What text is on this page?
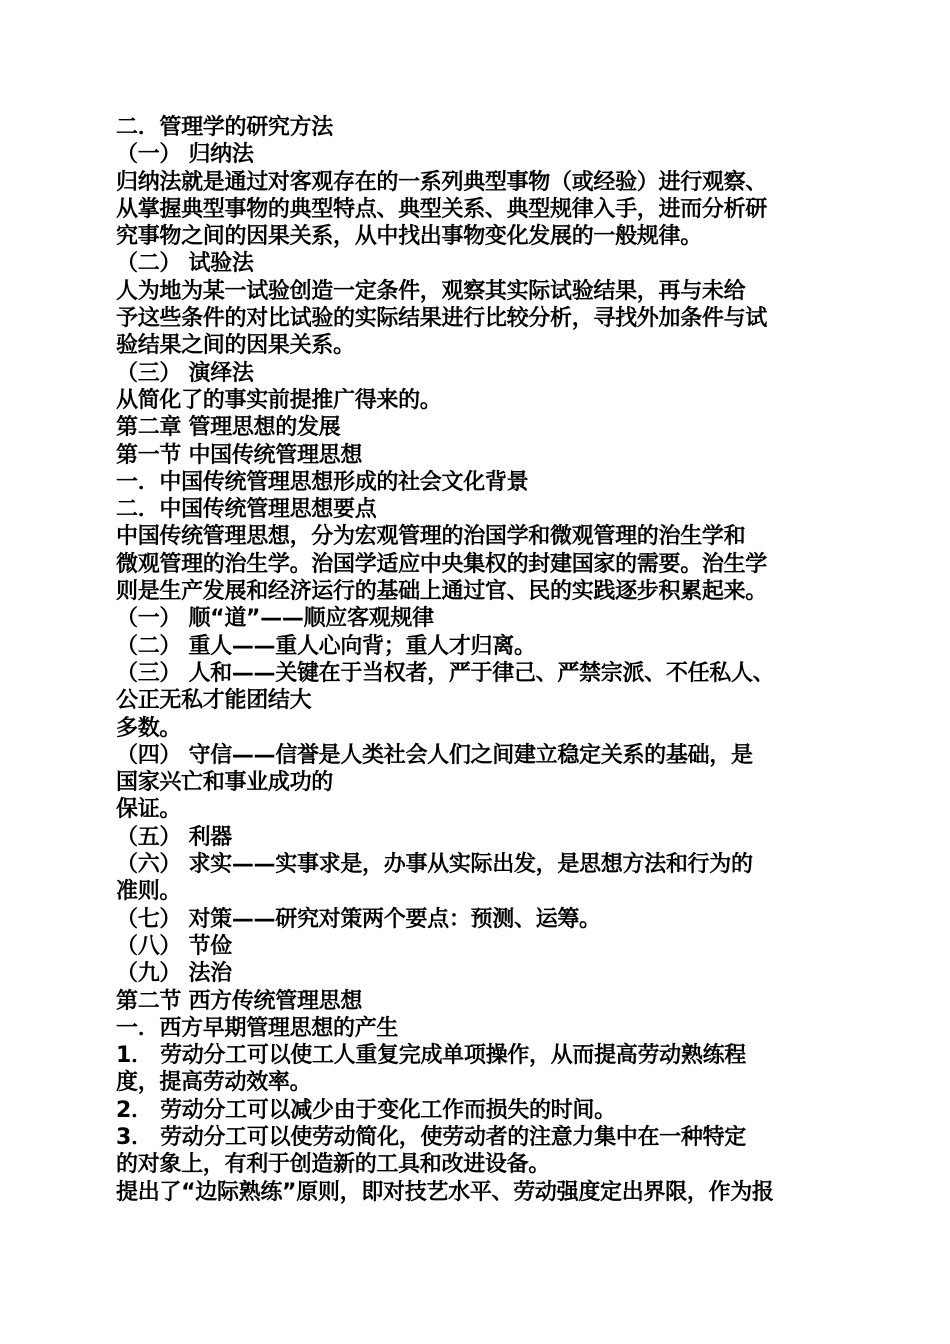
二．管理学的研究方法
（一） 归纳法
归纳法就是通过对客观存在的一系列典型事物（或经验）进行观察、
从掌握典型事物的典型特点、典型关系、典型规律入手，进而分析研
究事物之间的因果关系，从中找出事物变化发展的一般规律。
（二） 试验法
人为地为某一试验创造一定条件，观察其实际试验结果，再与未给
予这些条件的对比试验的实际结果进行比较分析，寻找外加条件与试
验结果之间的因果关系。
（三） 演绎法
从简化了的事实前提推广得来的。
第二章 管理思想的发展
第一节 中国传统管理思想
一．中国传统管理思想形成的社会文化背景
二．中国传统管理思想要点
中国传统管理思想，分为宏观管理的治国学和微观管理的治生学和
微观管理的治生学。治国学适应中央集权的封建国家的需要。治生学
则是生产发展和经济运行的基础上通过官、民的实践逐步积累起来。
（一） 顺“道”——顺应客观规律
（二） 重人——重人心向背；重人才归离。
（三） 人和——关键在于当权者，严于律己、严禁宗派、不任私人、
公正无私才能团结大
多数。
（四） 守信——信誉是人类社会人们之间建立稳定关系的基础，是
国家兴亡和事业成功的
保证。
（五） 利器
（六） 求实——实事求是，办事从实际出发，是思想方法和行为的
准则。
（七） 对策——研究对策两个要点：预测、运筹。
（八） 节俭
（九） 法治
第二节 西方传统管理思想
一．西方早期管理思想的产生
1． 劳动分工可以使工人重复完成单项操作，从而提高劳动熟练程
度，提高劳动效率。
2． 劳动分工可以减少由于变化工作而损失的时间。
3． 劳动分工可以使劳动简化，使劳动者的注意力集中在一种特定
的对象上，有利于创造新的工具和改进设备。
提出了“边际熟练”原则，即对技艺水平、劳动强度定出界限，作为报
